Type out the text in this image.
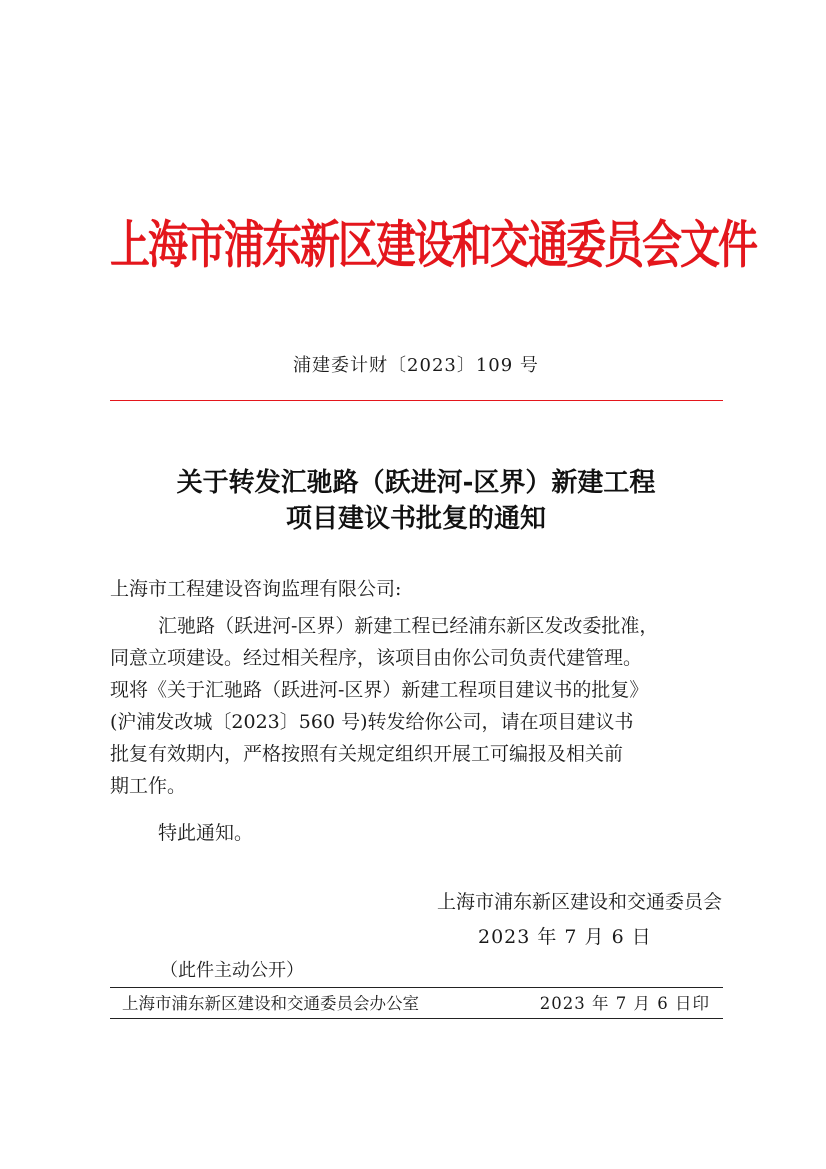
上海市浦东新区建设和交通委员会文件
浦建委计财〔2023〕109 号
关于转发汇驰路（跃进河-区界）新建工程
项目建议书批复的通知
上海市工程建设咨询监理有限公司:
汇驰路（跃进河-区界）新建工程已经浦东新区发改委批准，
同意立项建设。经过相关程序，该项目由你公司负责代建管理。
现将《关于汇驰路（跃进河-区界）新建工程项目建议书的批复》
(沪浦发改城〔2023〕560 号)转发给你公司，请在项目建议书
批复有效期内，严格按照有关规定组织开展工可编报及相关前
期工作。
特此通知。
上海市浦东新区建设和交通委员会
2023 年 7 月 6 日
（此件主动公开）
上海市浦东新区建设和交通委员会办公室	2023 年 7 月 6 日印
